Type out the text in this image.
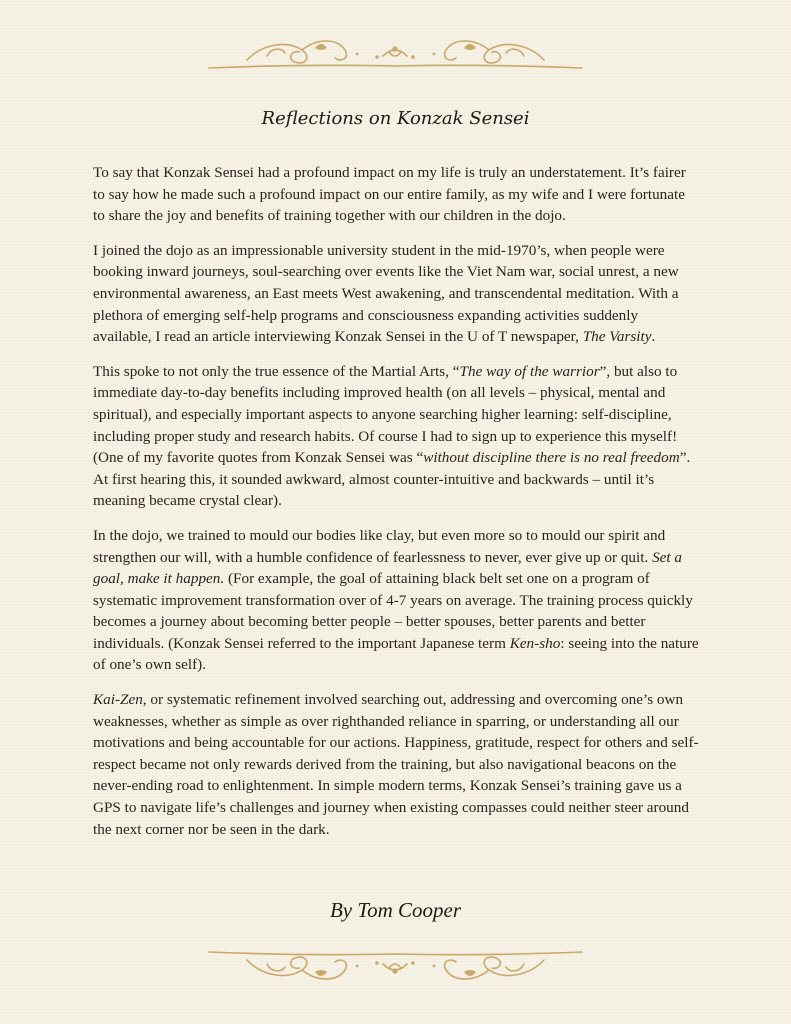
Reflections on Konzak Sensei

To say that Konzak Sensei had a profound impact on my life is truly an understatement. It’s fairer to say how he made such a profound impact on our entire family, as my wife and I were fortunate to share the joy and benefits of training together with our children in the dojo.

I joined the dojo as an impressionable university student in the mid-1970’s, when people were booking inward journeys, soul-searching over events like the Viet Nam war, social unrest, a new environmental awareness, an East meets West awakening, and transcendental meditation. With a plethora of emerging self-help programs and consciousness expanding activities suddenly available, I read an article interviewing Konzak Sensei in the U of T newspaper, The Varsity.

This spoke to not only the true essence of the Martial Arts, “The way of the warrior”, but also to immediate day-to-day benefits including improved health (on all levels – physical, mental and spiritual), and especially important aspects to anyone searching higher learning: self-discipline, including proper study and research habits. Of course I had to sign up to experience this myself! (One of my favorite quotes from Konzak Sensei was “without discipline there is no real freedom”. At first hearing this, it sounded awkward, almost counter-intuitive and backwards – until it’s meaning became crystal clear).

In the dojo, we trained to mould our bodies like clay, but even more so to mould our spirit and strengthen our will, with a humble confidence of fearlessness to never, ever give up or quit. Set a goal, make it happen. (For example, the goal of attaining black belt set one on a program of systematic improvement transformation over of 4-7 years on average. The training process quickly becomes a journey about becoming better people – better spouses, better parents and better individuals. (Konzak Sensei referred to the important Japanese term Ken-sho: seeing into the nature of one’s own self).

Kai-Zen, or systematic refinement involved searching out, addressing and overcoming one’s own weaknesses, whether as simple as over righthanded reliance in sparring, or understanding all our motivations and being accountable for our actions. Happiness, gratitude, respect for others and self-respect became not only rewards derived from the training, but also navigational beacons on the never-ending road to enlightenment. In simple modern terms, Konzak Sensei’s training gave us a GPS to navigate life’s challenges and journey when existing compasses could neither steer around the next corner nor be seen in the dark.

By Tom Cooper
